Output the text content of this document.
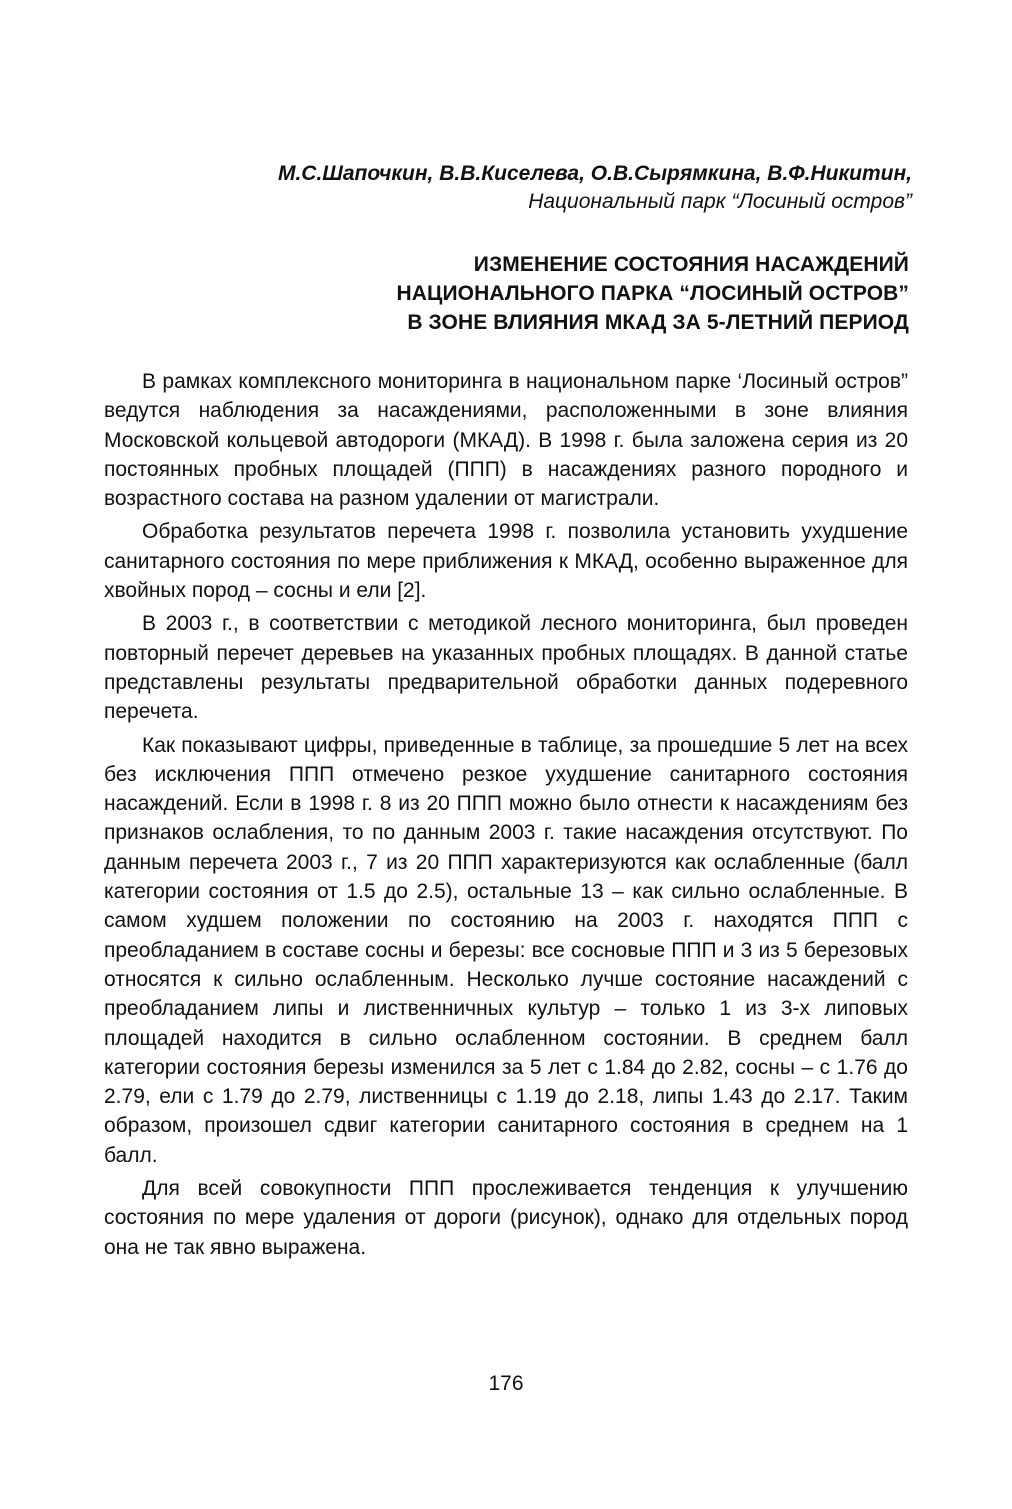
М.С.Шапочкин, В.В.Киселева, О.В.Сырямкина, В.Ф.Никитин,
Национальный парк “Лосиный остров”
ИЗМЕНЕНИЕ СОСТОЯНИЯ НАСАЖДЕНИЙ
НАЦИОНАЛЬНОГО ПАРКА “ЛОСИНЫЙ ОСТРОВ”
В ЗОНЕ ВЛИЯНИЯ МКАД ЗА 5-ЛЕТНИЙ ПЕРИОД

В рамках комплексного мониторинга в национальном парке ‘Лосиный остров” ведутся наблюдения за насаждениями, расположенными в зоне влияния Московской кольцевой автодороги (МКАД). В 1998 г. была заложена серия из 20 постоянных пробных площадей (ППП) в насаждениях разного породного и возрастного состава на разном удалении от магистрали.

Обработка результатов перечета 1998 г. позволила установить ухудшение санитарного состояния по мере приближения к МКАД, особенно выраженное для хвойных пород – сосны и ели [2].

В 2003 г., в соответствии с методикой лесного мониторинга, был проведен повторный перечет деревьев на указанных пробных площадях. В данной статье представлены результаты предварительной обработки данных подеревного перечета.

Как показывают цифры, приведенные в таблице, за прошедшие 5 лет на всех без исключения ППП отмечено резкое ухудшение санитарного состояния насаждений. Если в 1998 г. 8 из 20 ППП можно было отнести к насаждениям без признаков ослабления, то по данным 2003 г. такие насаждения отсутствуют. По данным перечета 2003 г., 7 из 20 ППП характеризуются как ослабленные (балл категории состояния от 1.5 до 2.5), остальные 13 – как сильно ослабленные. В самом худшем положении по состоянию на 2003 г. находятся ППП с преобладанием в составе сосны и березы: все сосновые ППП и 3 из 5 березовых относятся к сильно ослабленным. Несколько лучше состояние насаждений с преобладанием липы и лиственничных культур – только 1 из 3-х липовых площадей находится в сильно ослабленном состоянии. В среднем балл категории состояния березы изменился за 5 лет с 1.84 до 2.82, сосны – с 1.76 до 2.79, ели с 1.79 до 2.79, лиственницы с 1.19 до 2.18, липы 1.43 до 2.17. Таким образом, произошел сдвиг категории санитарного состояния в среднем на 1 балл.

Для всей совокупности ППП прослеживается тенденция к улучшению состояния по мере удаления от дороги (рисунок), однако для отдельных пород она не так явно выражена.

176
